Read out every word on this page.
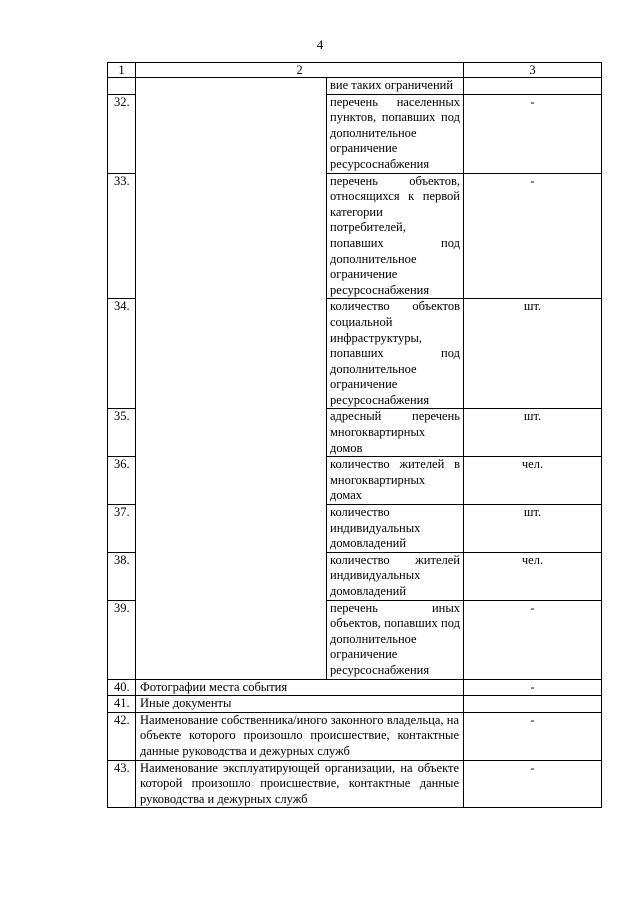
4
1	2		3
		вие таких ограничений	
32.		перечень населенных пунктов, попавших под дополнительное ограничение ресурсоснабжения	-
33.		перечень объектов, относящихся к первой категории потребителей, попавших под дополнительное ограничение ресурсоснабжения	-
34.		количество объектов социальной инфраструктуры, попавших под дополнительное ограничение ресурсоснабжения	шт.
35.		адресный перечень многоквартирных домов	шт.
36.		количество жителей в многоквартирных домах	чел.
37.		количество индивидуальных домовладений	шт.
38.		количество жителей индивидуальных домовладений	чел.
39.		перечень иных объектов, попавших под дополнительное ограничение ресурсоснабжения	-
40.	Фотографии места события		-
41.	Иные документы		
42.	Наименование собственника/иного законного владельца, на объекте которого произошло происшествие, контактные данные руководства и дежурных служб		-
43.	Наименование эксплуатирующей организации, на объекте которой произошло происшествие, контактные данные руководства и дежурных служб		-
